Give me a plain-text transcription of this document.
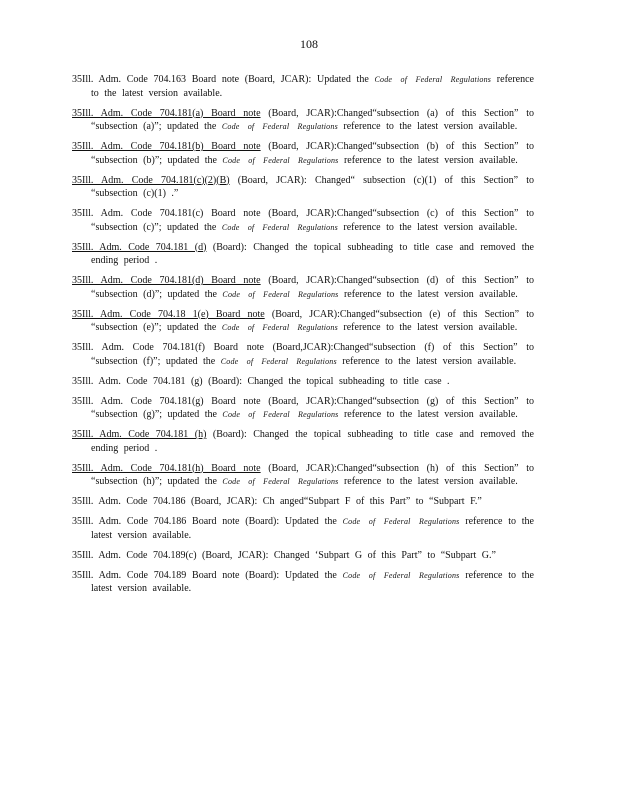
108

35Ill. Adm. Code 704.163 Board note (Board, JCAR): Updated the Code of Federal Regulations reference to the latest version available.

35Ill. Adm. Code 704.181(a) Board note (Board, JCAR):Changed“subsection (a) of this Section” to “subsection (a)”; updated the Code of Federal Regulations reference to the latest version available.

35Ill. Adm. Code 704.181(b) Board note (Board, JCAR):Changed“subsection (b) of this Section” to “subsection (b)”; updated the Code of Federal Regulations reference to the latest version available.

35Ill. Adm. Code 704.181(c)(2)(B) (Board, JCAR): Changed“ subsection (c)(1) of this Section” to “subsection (c)(1) .”

35Ill. Adm. Code 704.181(c) Board note (Board, JCAR):Changed“subsection (c) of this Section” to “subsection (c)”; updated the Code of Federal Regulations reference to the latest version available.

35Ill. Adm. Code 704.181 (d) (Board): Changed the topical subheading to title case and removed the ending period .

35Ill. Adm. Code 704.181(d) Board note (Board, JCAR):Changed“subsection (d) of this Section” to “subsection (d)”; updated the Code of Federal Regulations reference to the latest version available.

35Ill. Adm. Code 704.18 1(e) Board note (Board, JCAR):Changed“subsection (e) of this Section” to “subsection (e)”; updated the Code of Federal Regulations reference to the latest version available.

35Ill. Adm. Code 704.181(f) Board note (Board,JCAR):Changed“subsection (f) of this Section” to “subsection (f)”; updated the Code of Federal Regulations reference to the latest version available.

35Ill. Adm. Code 704.181 (g) (Board): Changed the topical subheading to title case .

35Ill. Adm. Code 704.181(g) Board note (Board, JCAR):Changed“subsection (g) of this Section” to “subsection (g)”; updated the Code of Federal Regulations reference to the latest version available.

35Ill. Adm. Code 704.181 (h) (Board): Changed the topical subheading to title case and removed the ending period .

35Ill. Adm. Code 704.181(h) Board note (Board, JCAR):Changed“subsection (h) of this Section” to “subsection (h)”; updated the Code of Federal Regulations reference to the latest version available.

35Ill. Adm. Code 704.186 (Board, JCAR): Ch anged“Subpart F of this Part” to “Subpart F.”

35Ill. Adm. Code 704.186 Board note (Board): Updated the Code of Federal Regulations reference to the latest version available.

35Ill. Adm. Code 704.189(c) (Board, JCAR): Changed ‘Subpart G of this Part” to “Subpart G.”

35Ill. Adm. Code 704.189 Board note (Board): Updated the Code of Federal Regulations reference to the latest version available.
